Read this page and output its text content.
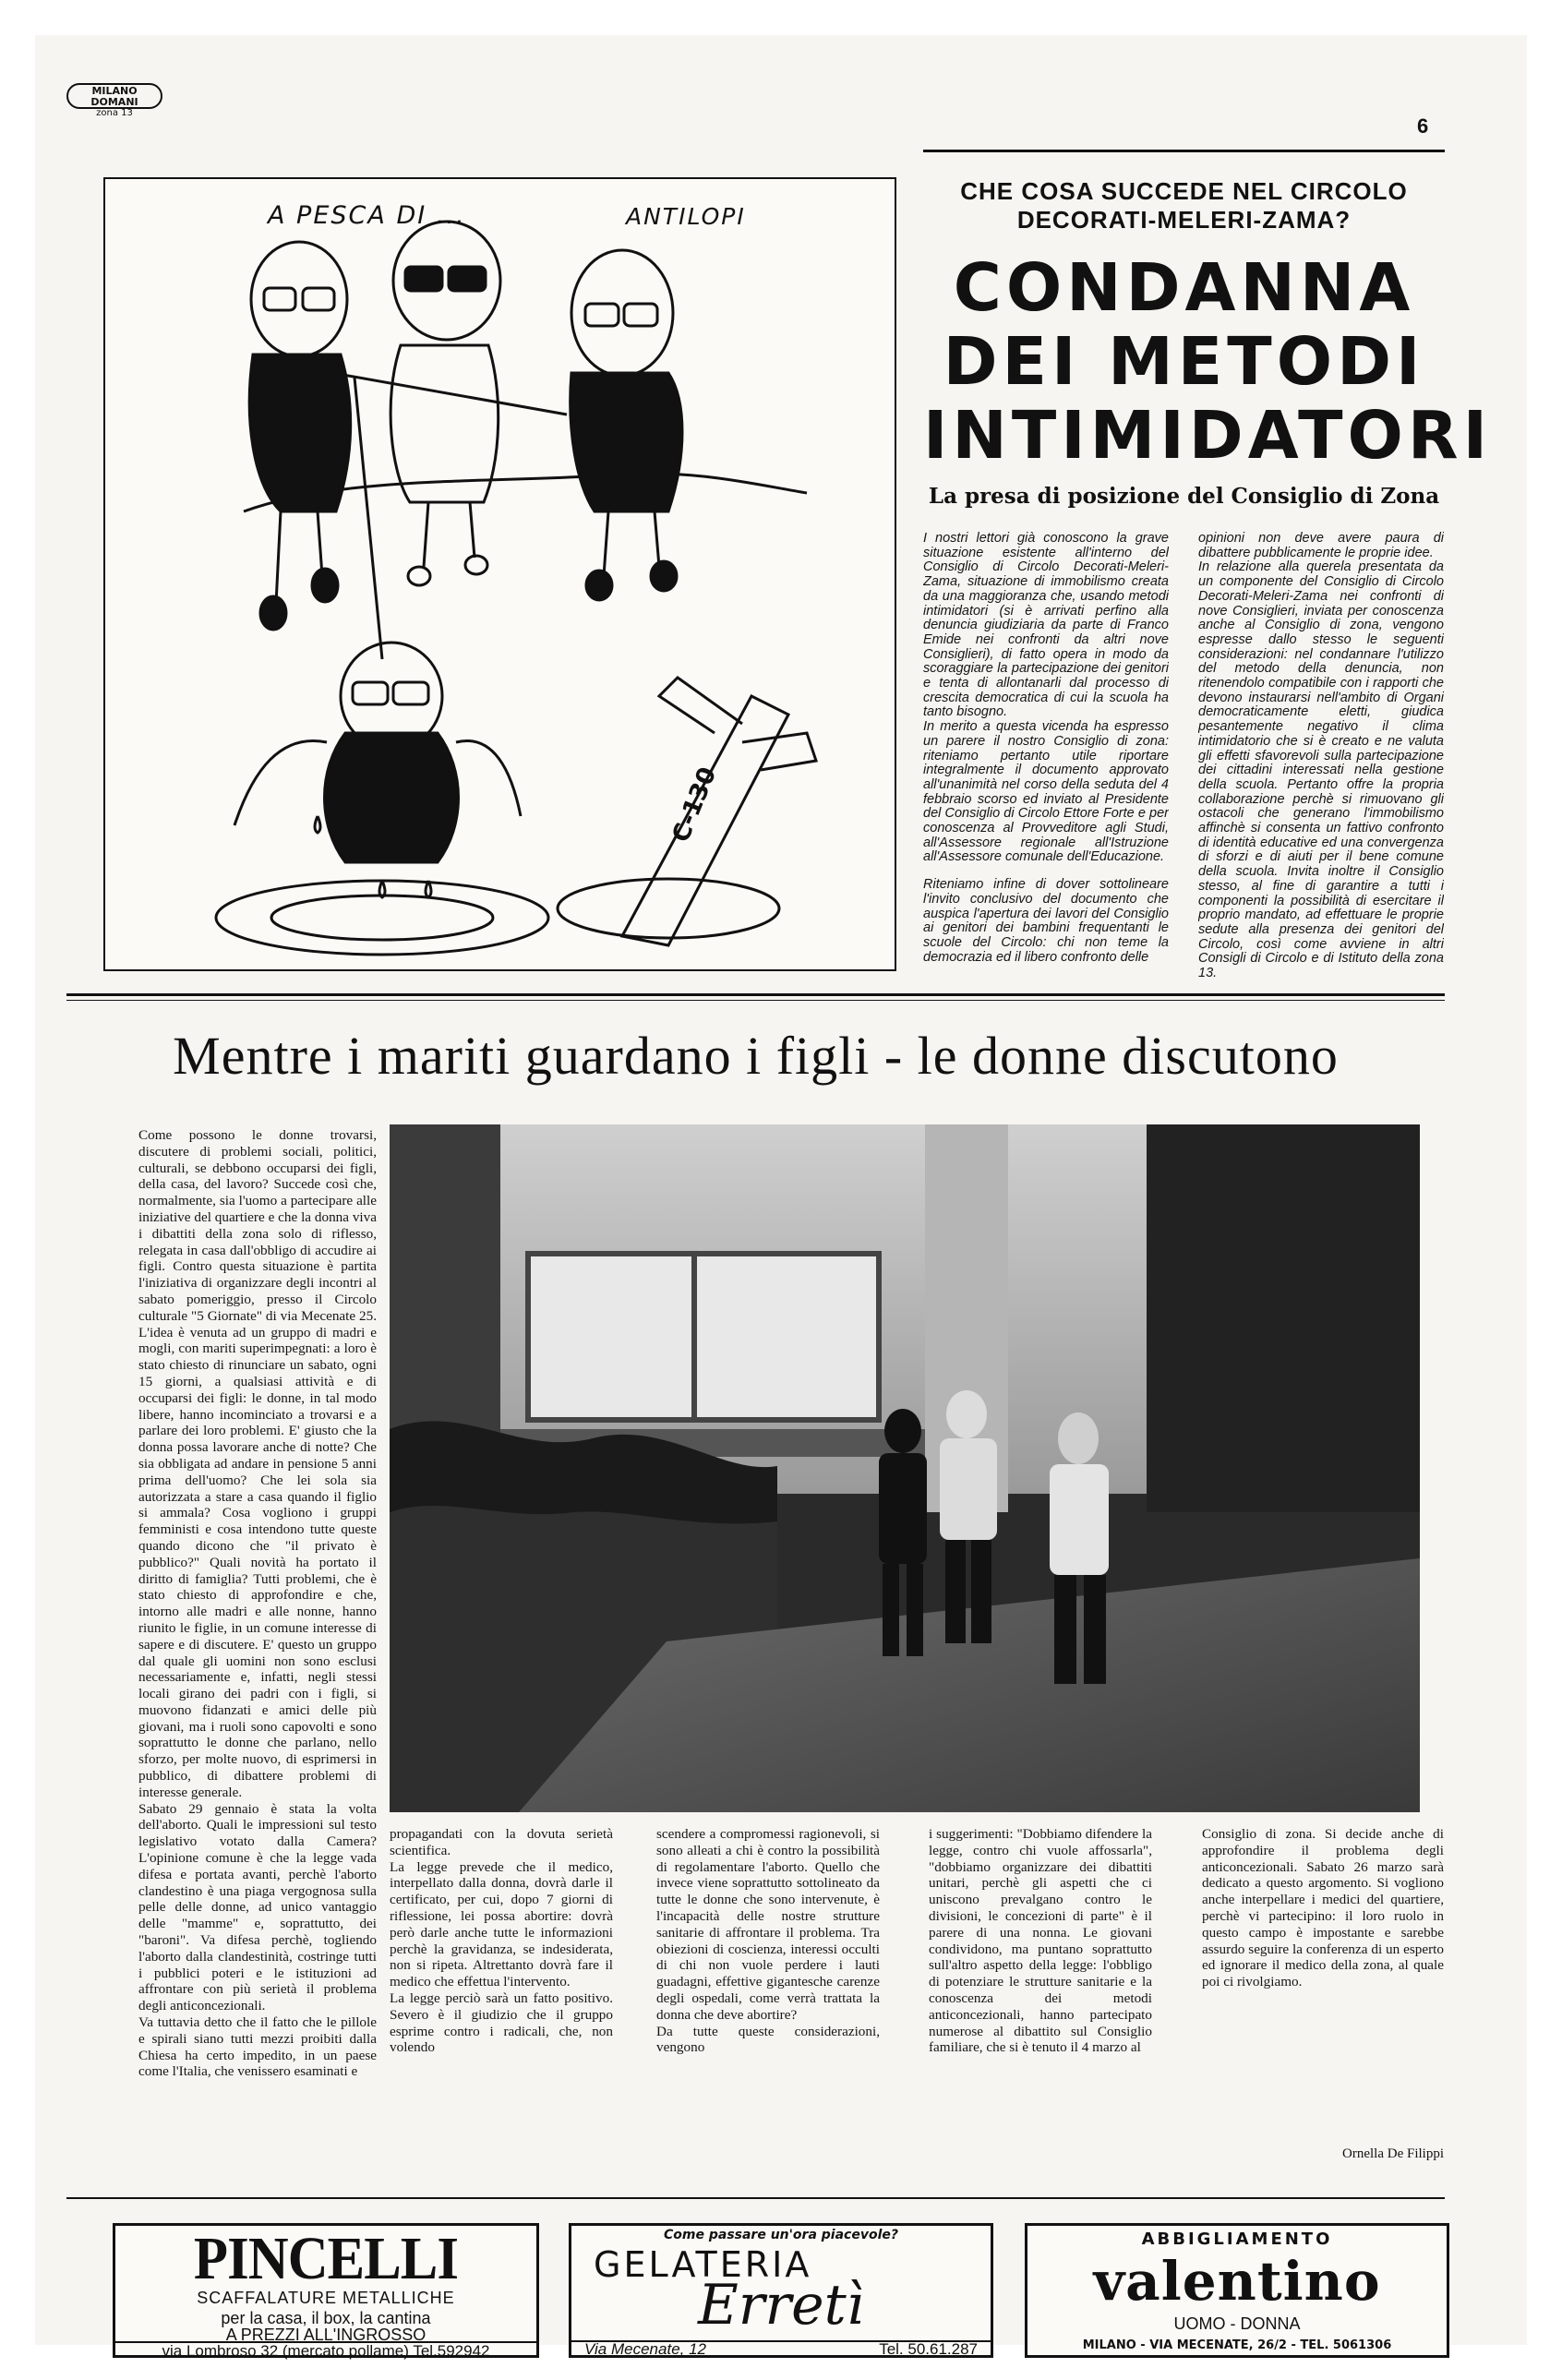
MILANO DOMANI
zona 13
6
C-130
A PESCA DI ...	ANTILOPI
CHE COSA SUCCEDE NEL CIRCOLO
DECORATI-MELERI-ZAMA?
CONDANNA
DEI METODI
INTIMIDATORI
La presa di posizione del Consiglio di Zona

I nostri lettori già conoscono la grave situazione esistente all'interno del Consiglio di Circolo Decorati-Meleri-Zama, situazione di immobilismo creata da una maggioranza che, usando metodi intimidatori (si è arrivati perfino alla denuncia giudiziaria da parte di Franco Emide nei confronti da altri nove Consiglieri), di fatto opera in modo da scoraggiare la partecipazione dei genitori e tenta di allontanarli dal processo di crescita democratica di cui la scuola ha tanto bisogno.

In merito a questa vicenda ha espresso un parere il nostro Consiglio di zona: riteniamo pertanto utile riportare integralmente il documento approvato all'unanimità nel corso della seduta del 4 febbraio scorso ed inviato al Presidente del Consiglio di Circolo Ettore Forte e per conoscenza al Provveditore agli Studi, all'Assessore regionale all'Istruzione all'Assessore comunale dell'Educazione.

Riteniamo infine di dover sottolineare l'invito conclusivo del documento che auspica l'apertura dei lavori del Consiglio ai genitori dei bambini frequentanti le scuole del Circolo: chi non teme la democrazia ed il libero confronto delle

opinioni non deve avere paura di dibattere pubblicamente le proprie idee.

In relazione alla querela presentata da un componente del Consiglio di Circolo Decorati-Meleri-Zama nei confronti di nove Consiglieri, inviata per conoscenza anche al Consiglio di zona, vengono espresse dallo stesso le seguenti considerazioni: nel condannare l'utilizzo del metodo della denuncia, non ritenendolo compatibile con i rapporti che devono instaurarsi nell'ambito di Organi democraticamente eletti, giudica pesantemente negativo il clima intimidatorio che si è creato e ne valuta gli effetti sfavorevoli sulla partecipazione dei cittadini interessati nella gestione della scuola. Pertanto offre la propria collaborazione perchè si rimuovano gli ostacoli che generano l'immobilismo affinchè si consenta un fattivo confronto di identità educative ed una convergenza di sforzi e di aiuti per il bene comune della scuola. Invita inoltre il Consiglio stesso, al fine di garantire a tutti i componenti la possibilità di esercitare il proprio mandato, ad effettuare le proprie sedute alla presenza dei genitori del Circolo, così come avviene in altri Consigli di Circolo e di Istituto della zona 13.

Mentre i mariti guardano i figli - le donne discutono

Come possono le donne trovarsi, discutere di problemi sociali, politici, culturali, se debbono occuparsi dei figli, della casa, del lavoro? Succede così che, normalmente, sia l'uomo a partecipare alle iniziative del quartiere e che la donna viva i dibattiti della zona solo di riflesso, relegata in casa dall'obbligo di accudire ai figli. Contro questa situazione è partita l'iniziativa di organizzare degli incontri al sabato pomeriggio, presso il Circolo culturale "5 Giornate" di via Mecenate 25. L'idea è venuta ad un gruppo di madri e mogli, con mariti superimpegnati: a loro è stato chiesto di rinunciare un sabato, ogni 15 giorni, a qualsiasi attività e di occuparsi dei figli: le donne, in tal modo libere, hanno incominciato a trovarsi e a parlare dei loro problemi. E' giusto che la donna possa lavorare anche di notte? Che sia obbligata ad andare in pensione 5 anni prima dell'uomo? Che lei sola sia autorizzata a stare a casa quando il figlio si ammala? Cosa vogliono i gruppi femministi e cosa intendono tutte queste quando dicono che "il privato è pubblico?" Quali novità ha portato il diritto di famiglia? Tutti problemi, che è stato chiesto di approfondire e che, intorno alle madri e alle nonne, hanno riunito le figlie, in un comune interesse di sapere e di discutere. E' questo un gruppo dal quale gli uomini non sono esclusi necessariamente e, infatti, negli stessi locali girano dei padri con i figli, si muovono fidanzati e amici delle più giovani, ma i ruoli sono capovolti e sono soprattutto le donne che parlano, nello sforzo, per molte nuovo, di esprimersi in pubblico, di dibattere problemi di interesse generale.

Sabato 29 gennaio è stata la volta dell'aborto. Quali le impressioni sul testo legislativo votato dalla Camera? L'opinione comune è che la legge vada difesa e portata avanti, perchè l'aborto clandestino è una piaga vergognosa sulla pelle delle donne, ad unico vantaggio delle "mamme" e, soprattutto, dei "baroni". Va difesa perchè, togliendo l'aborto dalla clandestinità, costringe tutti i pubblici poteri e le istituzioni ad affrontare con più serietà il problema degli anticoncezionali.

Va tuttavia detto che il fatto che le pillole e spirali siano tutti mezzi proibiti dalla Chiesa ha certo impedito, in un paese come l'Italia, che venissero esaminati e

propagandati con la dovuta serietà scientifica.

La legge prevede che il medico, interpellato dalla donna, dovrà darle il certificato, per cui, dopo 7 giorni di riflessione, lei possa abortire: dovrà però darle anche tutte le informazioni perchè la gravidanza, se indesiderata, non si ripeta. Altrettanto dovrà fare il medico che effettua l'intervento.

La legge perciò sarà un fatto positivo. Severo è il giudizio che il gruppo esprime contro i radicali, che, non volendo

scendere a compromessi ragionevoli, si sono alleati a chi è contro la possibilità di regolamentare l'aborto. Quello che invece viene soprattutto sottolineato da tutte le donne che sono intervenute, è l'incapacità delle nostre strutture sanitarie di affrontare il problema. Tra obiezioni di coscienza, interessi occulti di chi non vuole perdere i lauti guadagni, effettive gigantesche carenze degli ospedali, come verrà trattata la donna che deve abortire?

Da tutte queste considerazioni, vengono

i suggerimenti: "Dobbiamo difendere la legge, contro chi vuole affossarla", "dobbiamo organizzare dei dibattiti unitari, perchè gli aspetti che ci uniscono prevalgano contro le divisioni, le concezioni di parte" è il parere di una nonna. Le giovani condividono, ma puntano soprattutto sull'altro aspetto della legge: l'obbligo di potenziare le strutture sanitarie e la conoscenza dei metodi anticoncezionali, hanno partecipato numerose al dibattito sul Consiglio familiare, che si è tenuto il 4 marzo al

Consiglio di zona. Si decide anche di approfondire il problema degli anticoncezionali. Sabato 26 marzo sarà dedicato a questo argomento. Si vogliono anche interpellare i medici del quartiere, perchè vi partecipino: il loro ruolo in questo campo è impostante e sarebbe assurdo seguire la conferenza di un esperto ed ignorare il medico della zona, al quale poi ci rivolgiamo.

Ornella De Filippi
PINCELLI
SCAFFALATURE METALLICHE
per la casa, il box, la cantina
A PREZZI ALL'INGROSSO
via Lombroso 32 (mercato pollame) Tel.592942
Come passare un'ora piacevole?
GELATERIA
Erretì
Via Mecenate, 12	Tel. 50.61.287
ABBIGLIAMENTO
valentino
UOMO - DONNA
MILANO - VIA MECENATE, 26/2 - TEL. 5061306
